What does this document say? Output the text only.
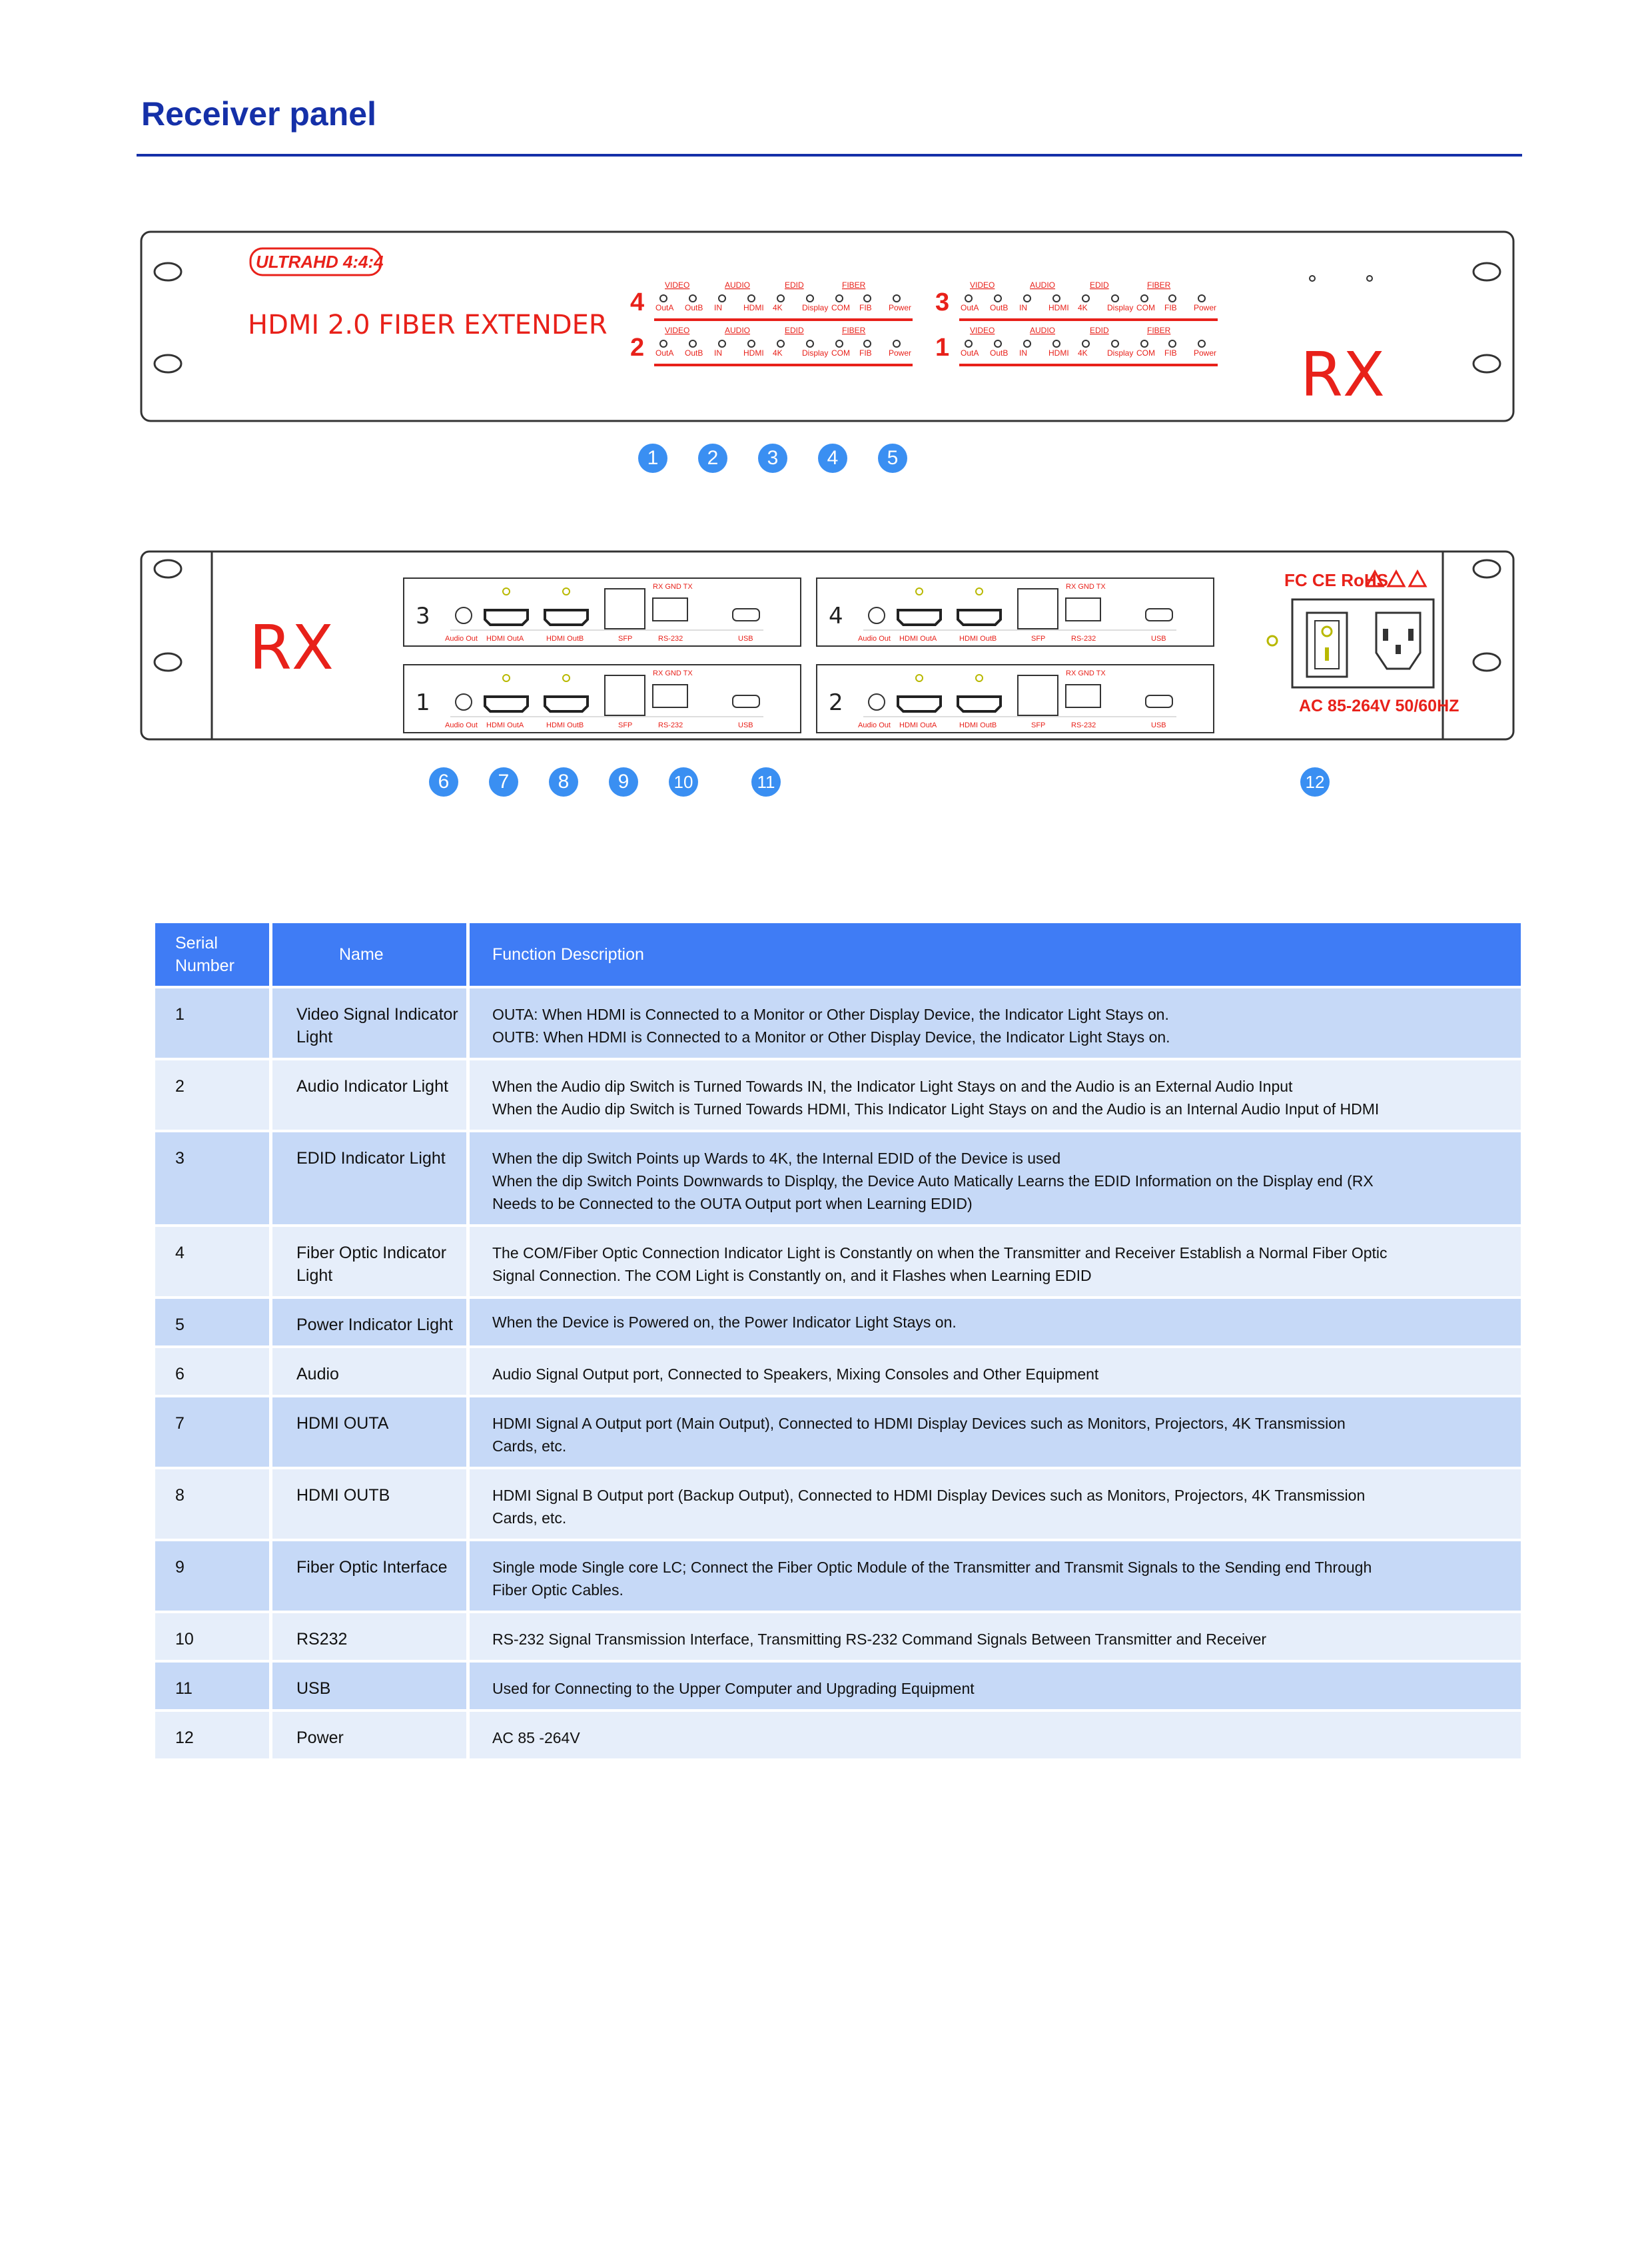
Receiver panel
ULTRAHD 4:4:4
HDMI 2.0 FIBER EXTENDER
RX
4
VIDEO	AUDIO	EDID	FIBER
OutA OutB IN	HDMI 4K Display COM FIB Power 3
VIDEO	AUDIO	EDID	FIBER
OutA OutB IN	HDMI 4K Display COM FIB Power
2
VIDEO	AUDIO	EDID	FIBER
OutA OutB IN	HDMI 4K Display COM FIB Power 1
VIDEO	AUDIO	EDID	FIBER
OutA OutB IN	HDMI 4K Display COM FIB Power
RX	3
RX GND TX
Audio Out HDMI OutA	HDMI OutB	SFP	RS-232	USB
4
RX GND TX
Audio Out HDMI OutA	HDMI OutB	SFP	RS-232	USB
1
RX GND TX
Audio Out HDMI OutA	HDMI OutB	SFP	RS-232	USB
2
RX GND TX
Audio Out HDMI OutA	HDMI OutB	SFP	RS-232	USB
FC CE RoHS
AC 85-264V 50/60HZ
1	2	3	4	5
6	7	8	9	10	11	12
Serial Number	Name	Function Description
1	Video Signal Indicator Light	OUTA: When HDMI is Connected to a Monitor or Other Display Device, the Indicator Light Stays on.
OUTB: When HDMI is Connected to a Monitor or Other Display Device, the Indicator Light Stays on.

2	Audio Indicator Light	When the Audio dip Switch is Turned Towards IN, the Indicator Light Stays on and the Audio is an External Audio Input
When the Audio dip Switch is Turned Towards HDMI, This Indicator Light Stays on and the Audio is an Internal Audio Input of HDMI

3	EDID Indicator Light	When the dip Switch Points up Wards to 4K, the Internal EDID of the Device is used
When the dip Switch Points Downwards to Displqy, the Device Auto Matically Learns the EDID Information on the Display end (RX
Needs to be Connected to the OUTA Output port when Learning EDID)

4	Fiber Optic Indicator Light	The COM/Fiber Optic Connection Indicator Light is Constantly on when the Transmitter and Receiver Establish a Normal Fiber Optic
Signal Connection. The COM Light is Constantly on, and it Flashes when Learning EDID

5	Power Indicator Light	When the Device is Powered on, the Power Indicator Light Stays on.

6	Audio	Audio Signal Output port, Connected to Speakers, Mixing Consoles and Other Equipment

7	HDMI OUTA	HDMI Signal A Output port (Main Output), Connected to HDMI Display Devices such as Monitors, Projectors, 4K Transmission
Cards, etc.

8	HDMI OUTB	HDMI Signal B Output port (Backup Output), Connected to HDMI Display Devices such as Monitors, Projectors, 4K Transmission
Cards, etc.

9	Fiber Optic Interface	Single mode Single core LC; Connect the Fiber Optic Module of the Transmitter and Transmit Signals to the Sending end Through
Fiber Optic Cables.

10	RS232	RS-232 Signal Transmission Interface, Transmitting RS-232 Command Signals Between Transmitter and Receiver

11	USB	Used for Connecting to the Upper Computer and Upgrading Equipment

12	Power	AC 85 -264V
